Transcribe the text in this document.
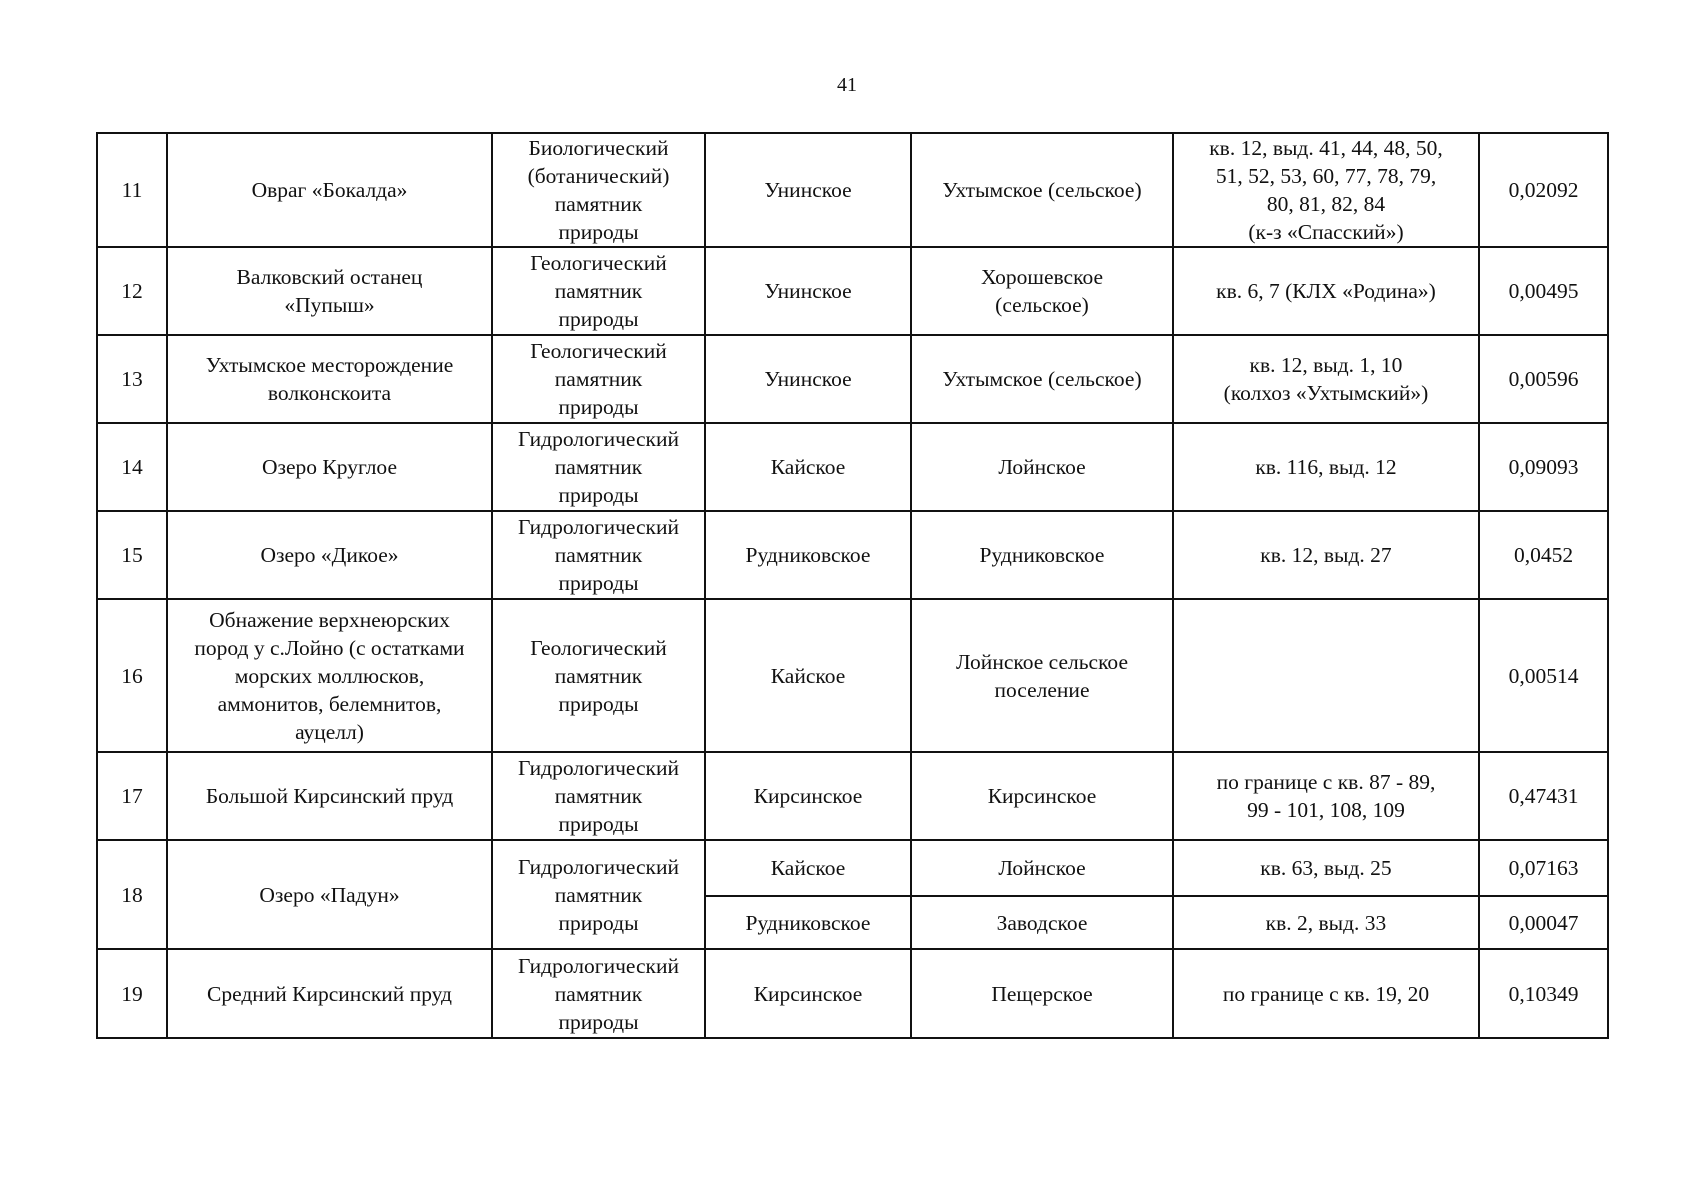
41
11	Овраг «Бокалда»	Биологический
(ботанический)
памятник
природы	Унинское	Ухтымское (сельское)	кв. 12, выд. 41, 44, 48, 50,
51, 52, 53, 60, 77, 78, 79,
80, 81, 82, 84
(к-з «Спасский»)	0,02092

12	Валковский останец
«Пупыш»	Геологический
памятник
природы	Унинское	Хорошевское
(сельское)	кв. 6, 7 (КЛХ «Родина»)	0,00495

13	Ухтымское месторождение
волконскоита	Геологический
памятник
природы	Унинское	Ухтымское (сельское)	кв. 12, выд. 1, 10
(колхоз «Ухтымский»)	0,00596

14	Озеро Круглое	Гидрологический
памятник
природы	Кайское	Лойнское	кв. 116, выд. 12	0,09093

15	Озеро «Дикое»	Гидрологический
памятник
природы	Рудниковское	Рудниковское	кв. 12, выд. 27	0,0452

16	Обнажение верхнеюрских
пород у с.Лойно (с остатками
морских моллюсков,
аммонитов, белемнитов,
ауцелл)	Геологический
памятник
природы	Кайское	Лойнское сельское
поселение		0,00514

17	Большой Кирсинский пруд	Гидрологический
памятник
природы	Кирсинское	Кирсинское	по границе с кв. 87 - 89,
99 - 101, 108, 109	0,47431

18	Озеро «Падун»	Гидрологический
памятник
природы	Кайское	Лойнское	кв. 63, выд. 25	0,07163

			Рудниковское	Заводское	кв. 2, выд. 33	0,00047

19	Средний Кирсинский пруд	Гидрологический
памятник
природы	Кирсинское	Пещерское	по границе с кв. 19, 20	0,10349
